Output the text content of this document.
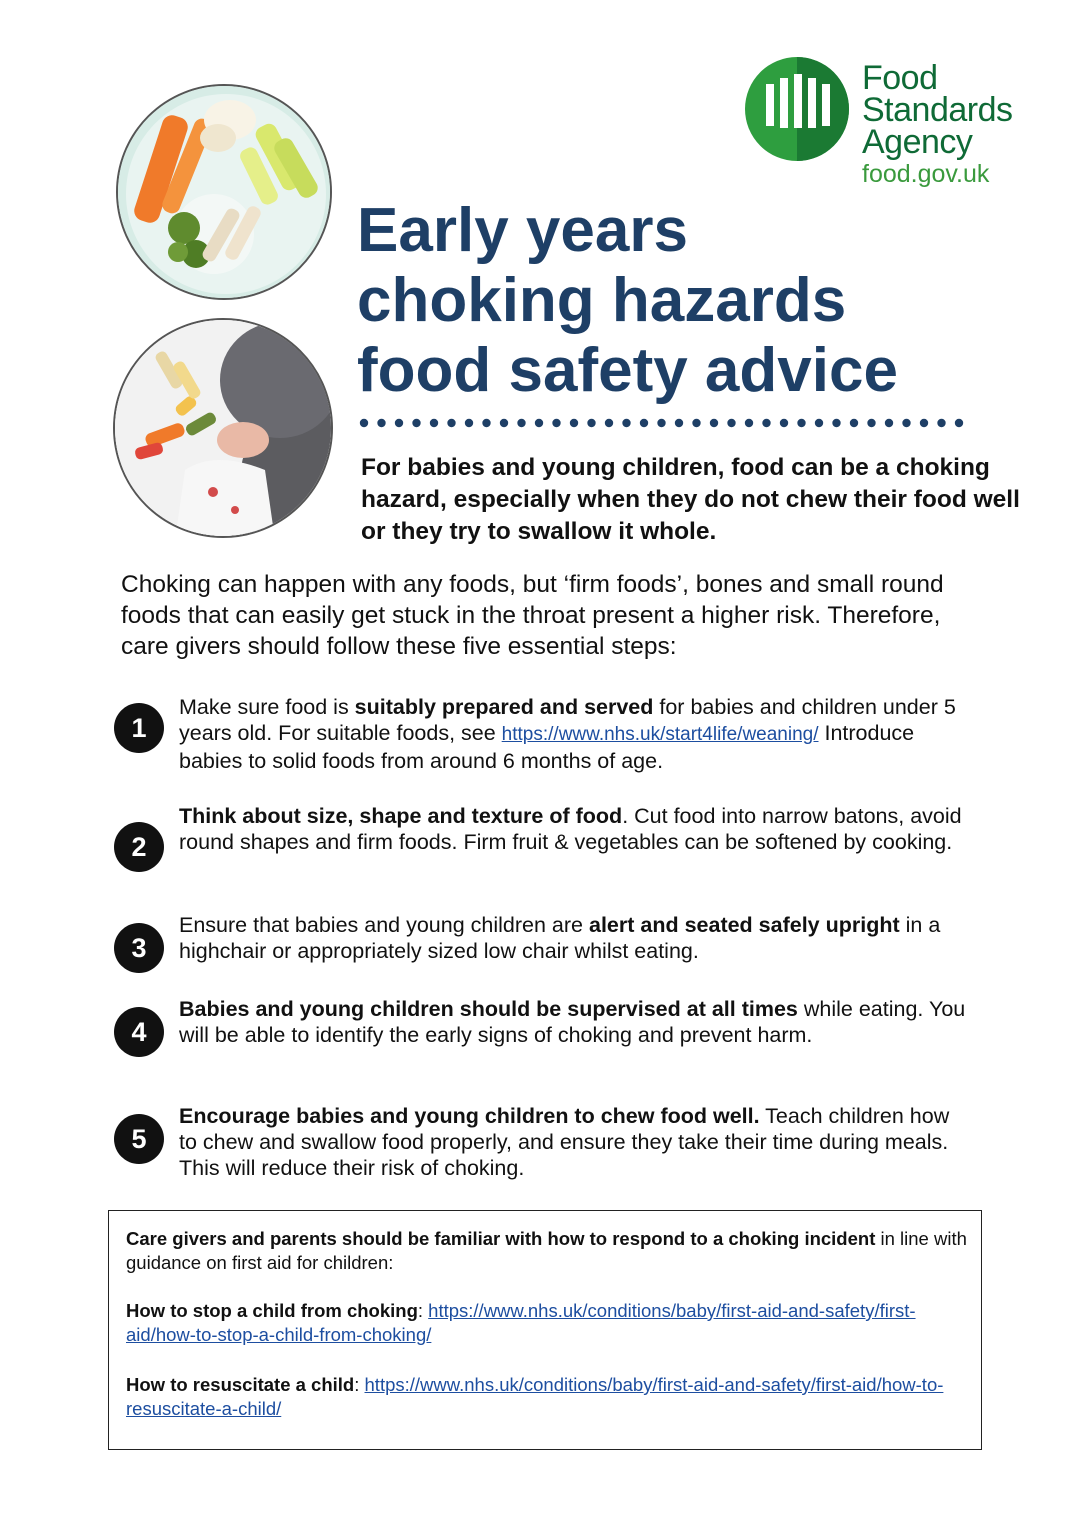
Food
Standards
Agency
food.gov.uk
Early years
choking hazards
food safety advice

For babies and young children, food can be a choking hazard, especially when they do not chew their food well or they try to swallow it whole.

Choking can happen with any foods, but ‘firm foods’, bones and small round foods that can easily get stuck in the throat present a higher risk. Therefore, care givers should follow these five essential steps:

1

Make sure food is suitably prepared and served for babies and children under 5 years old. For suitable foods, see https://www.nhs.uk/start4life/weaning/ Introduce babies to solid foods from around 6 months of age.

2

Think about size, shape and texture of food. Cut food into narrow batons, avoid round shapes and firm foods. Firm fruit & vegetables can be softened by cooking.

3

Ensure that babies and young children are alert and seated safely upright in a highchair or appropriately sized low chair whilst eating.

4

Babies and young children should be supervised at all times while eating. You will be able to identify the early signs of choking and prevent harm.

5

Encourage babies and young children to chew food well. Teach children how to chew and swallow food properly, and ensure they take their time during meals. This will reduce their risk of choking.

Care givers and parents should be familiar with how to respond to a choking incident in line with guidance on first aid for children:

How to stop a child from choking: https://www.nhs.uk/conditions/baby/first-aid-and-safety/first-aid/how-to-stop-a-child-from-choking/

How to resuscitate a child: https://www.nhs.uk/conditions/baby/first-aid-and-safety/first-aid/how-to-resuscitate-a-child/
